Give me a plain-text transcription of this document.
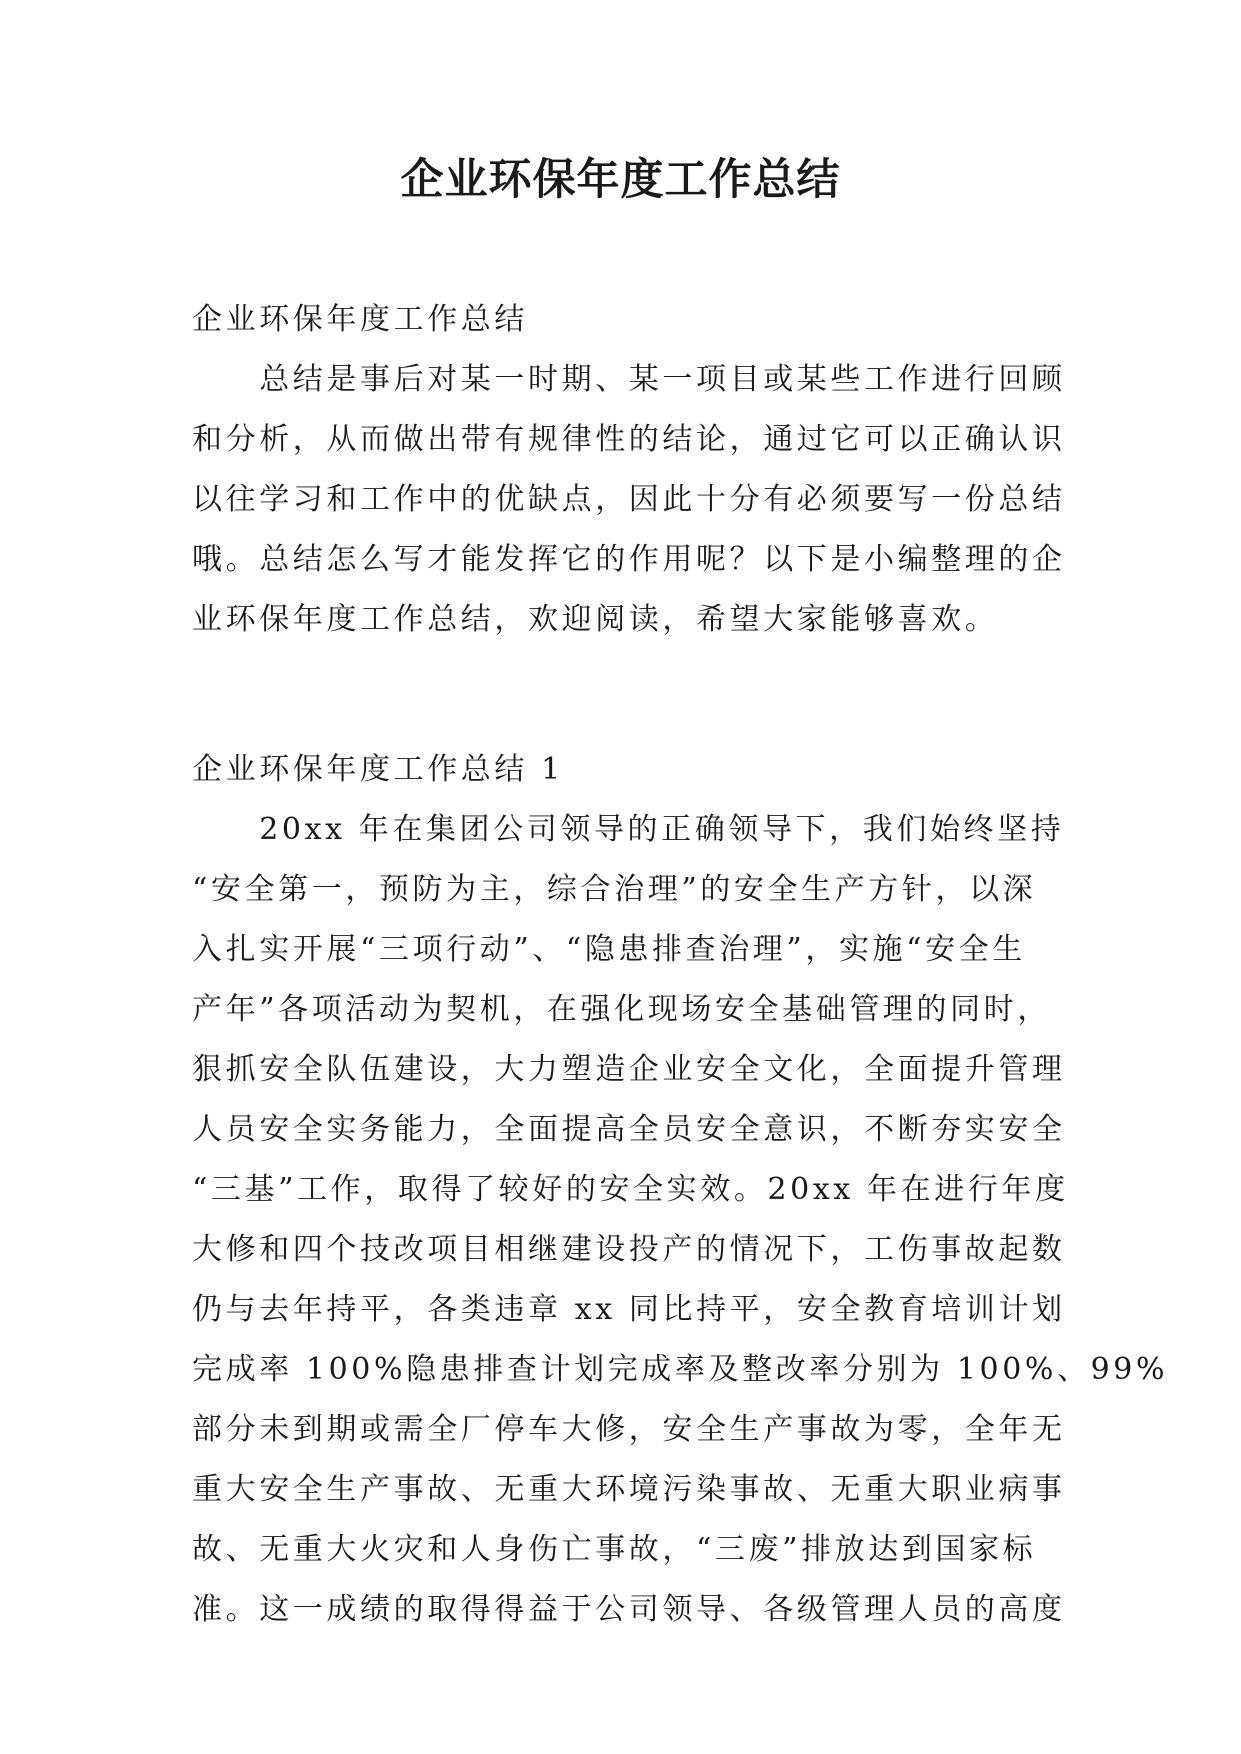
企业环保年度工作总结

企业环保年度工作总结

　　总结是事后对某一时期、某一项目或某些工作进行回顾
和分析，从而做出带有规律性的结论，通过它可以正确认识
以往学习和工作中的优缺点，因此十分有必须要写一份总结
哦。总结怎么写才能发挥它的作用呢？以下是小编整理的企
业环保年度工作总结，欢迎阅读，希望大家能够喜欢。

企业环保年度工作总结 1

　　20xx 年在集团公司领导的正确领导下，我们始终坚持
“安全第一，预防为主，综合治理”的安全生产方针，以深
入扎实开展“三项行动”、“隐患排查治理”，实施“安全生
产年”各项活动为契机，在强化现场安全基础管理的同时，
狠抓安全队伍建设，大力塑造企业安全文化，全面提升管理
人员安全实务能力，全面提高全员安全意识，不断夯实安全
“三基”工作，取得了较好的安全实效。20xx 年在进行年度
大修和四个技改项目相继建设投产的情况下，工伤事故起数
仍与去年持平，各类违章 xx 同比持平，安全教育培训计划
完成率 100%隐患排查计划完成率及整改率分别为 100%、99%
部分未到期或需全厂停车大修，安全生产事故为零，全年无
重大安全生产事故、无重大环境污染事故、无重大职业病事
故、无重大火灾和人身伤亡事故，“三废”排放达到国家标
准。这一成绩的取得得益于公司领导、各级管理人员的高度
